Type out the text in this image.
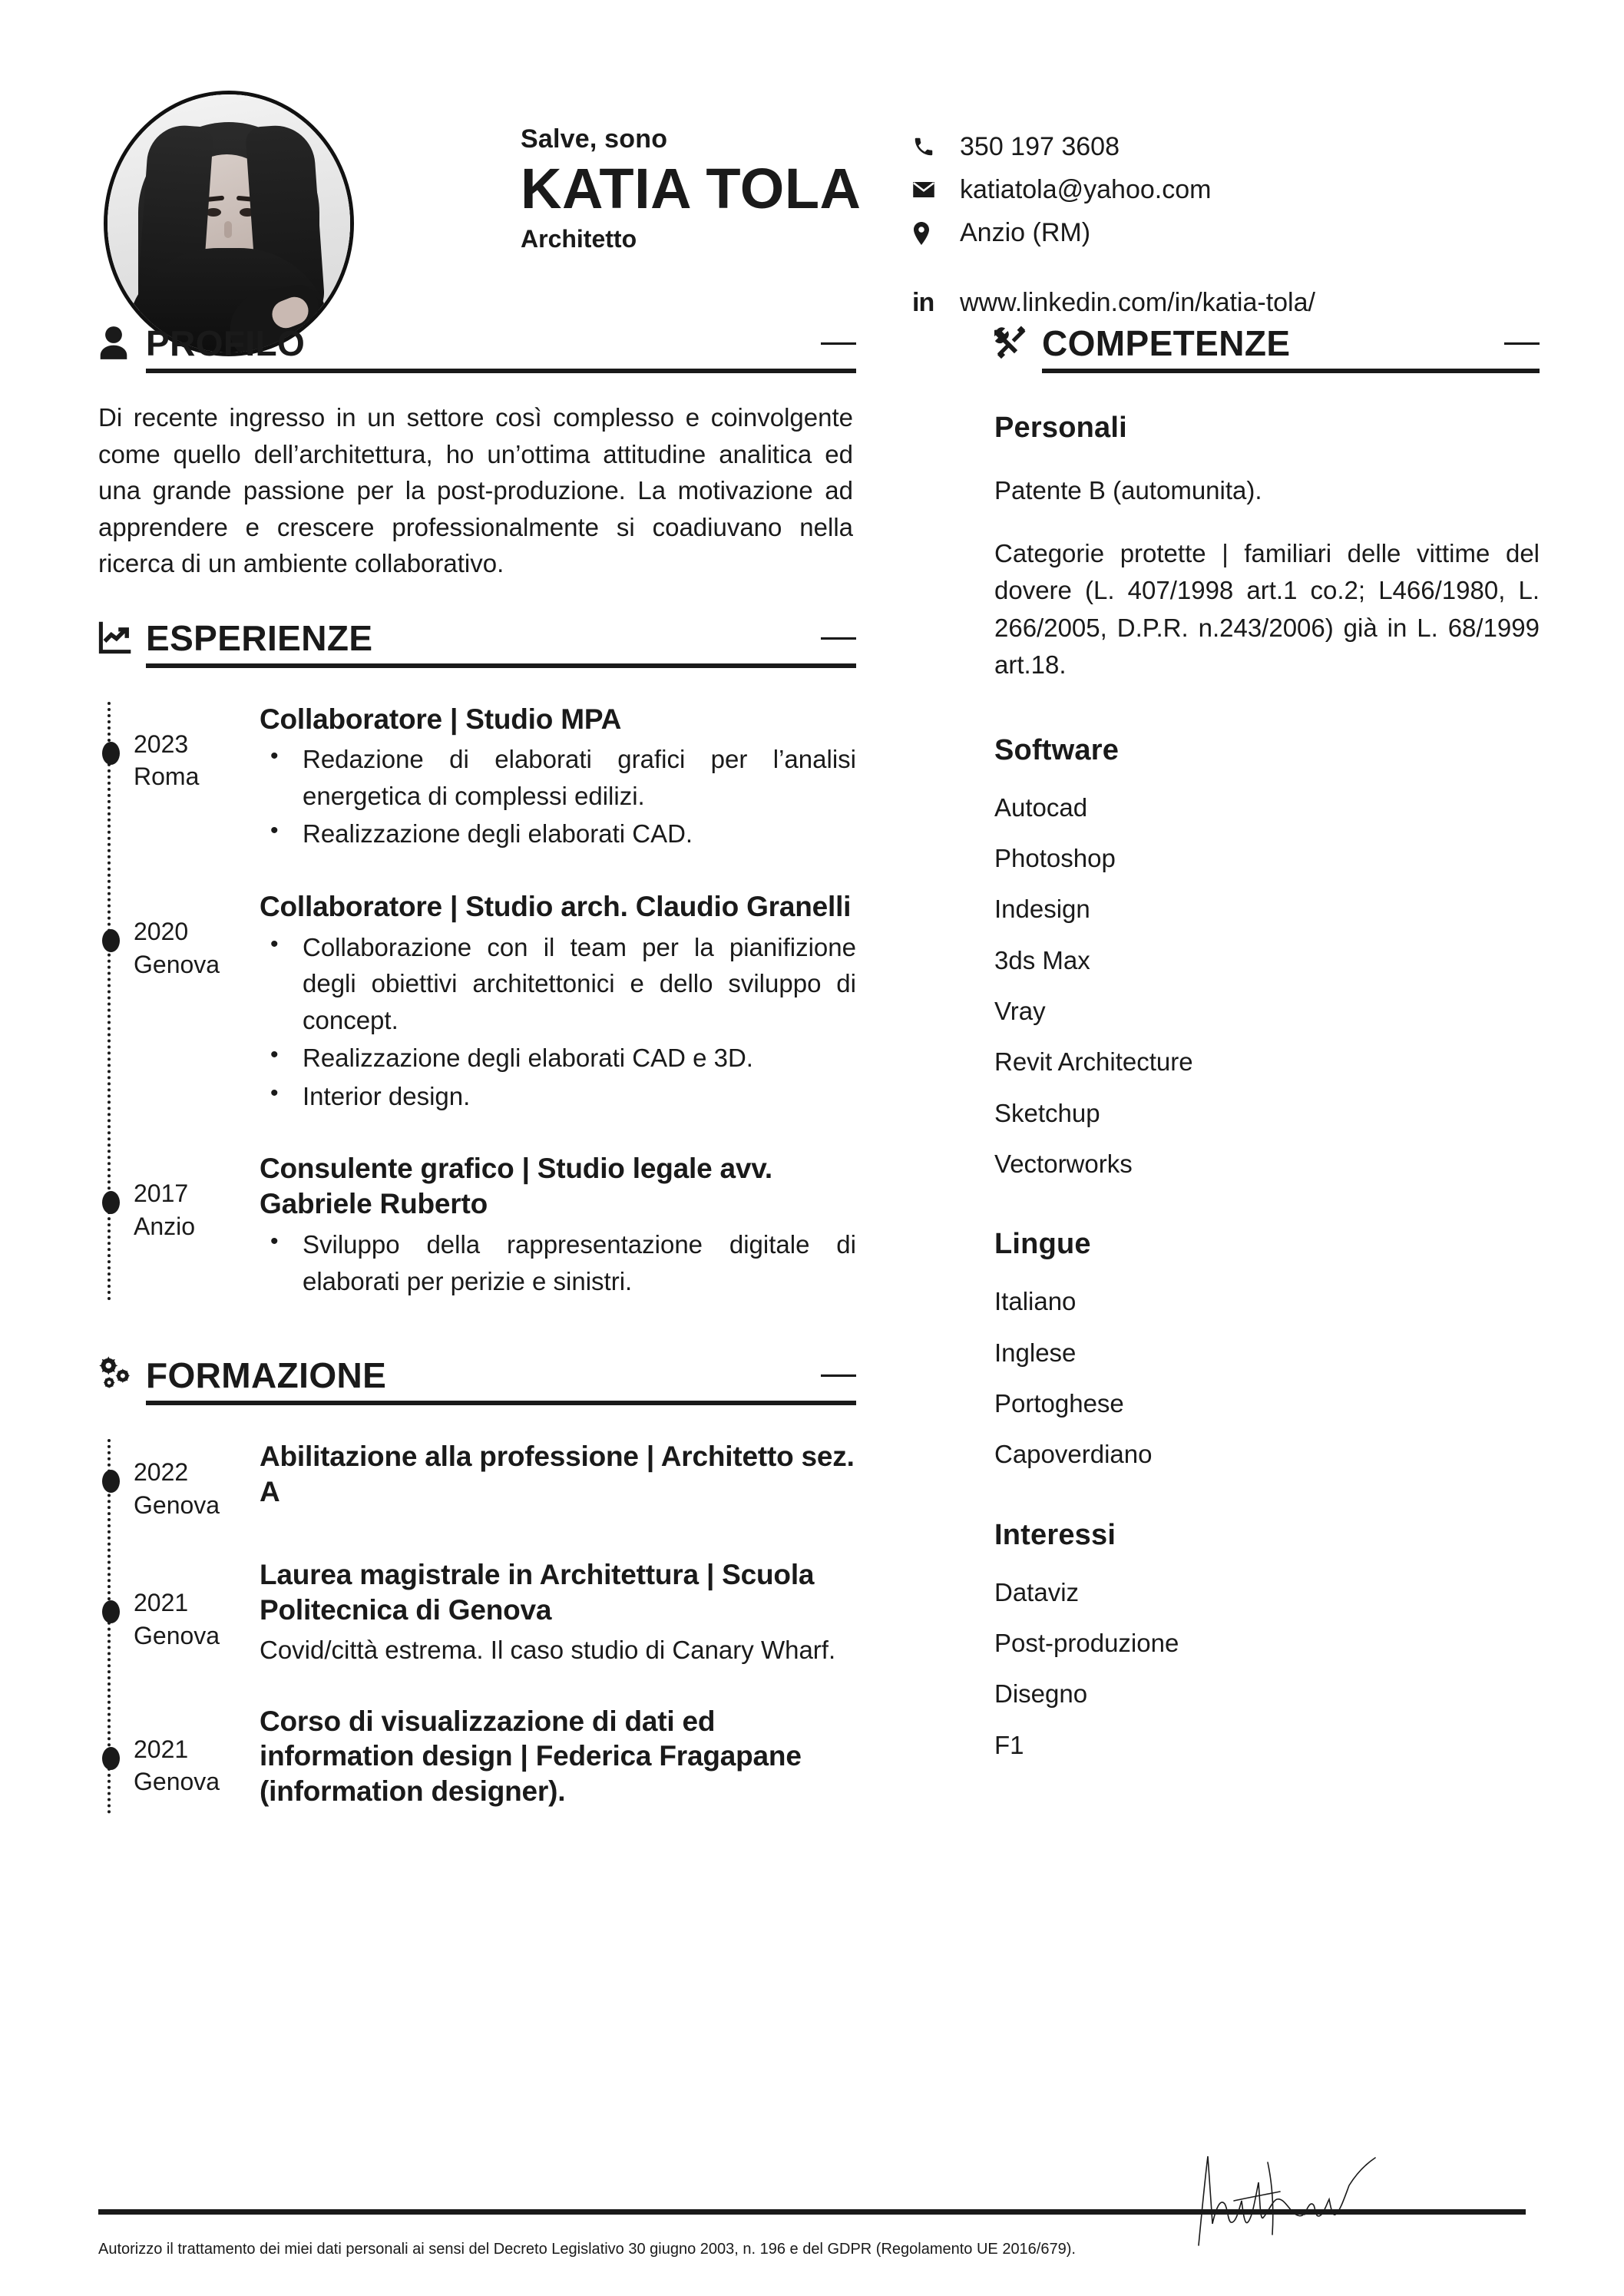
Salve, sono
KATIA TOLA
Architetto
350 197 3608
katiatola@yahoo.com
Anzio (RM)
in www.linkedin.com/in/katia-tola/
PROFILO	—
Di recente ingresso in un settore così complesso e coinvolgente come quello dell’architettura, ho un’ottima attitudine analitica ed una grande passione per la post-produzione. La motivazione ad apprendere e crescere professionalmente si coadiuvano nella ricerca di un ambiente collaborativo.
ESPERIENZE	—
2023
Roma
Collaboratore | Studio MPA
• Redazione di elaborati grafici per l’analisi energetica di complessi edilizi.
• Realizzazione degli elaborati CAD.
2020
Genova
Collaboratore | Studio arch. Claudio Granelli
• Collaborazione con il team per la pianifizione degli obiettivi architettonici e dello sviluppo di concept.
• Realizzazione degli elaborati CAD e 3D.
• Interior design.
2017
Anzio
Consulente grafico | Studio legale avv. Gabriele Ruberto
• Sviluppo della rappresentazione digitale di elaborati per perizie e sinistri.
FORMAZIONE	—
2022
Genova
Abilitazione alla professione | Architetto sez. A
2021
Genova
Laurea magistrale in Architettura | Scuola Politecnica di Genova
Covid/città estrema. Il caso studio di Canary Wharf.
2021
Genova
Corso di visualizzazione di dati ed information design | Federica Fragapane (information designer).
COMPETENZE	—
Personali
Patente B (automunita).
Categorie protette | familiari delle vittime del dovere (L. 407/1998 art.1 co.2; L466/1980, L. 266/2005, D.P.R. n.243/2006) già in L. 68/1999 art.18.
Software
Autocad
Photoshop
Indesign
3ds Max
Vray
Revit Architecture
Sketchup
Vectorworks
Lingue
Italiano
Inglese
Portoghese
Capoverdiano
Interessi
Dataviz
Post-produzione
Disegno
F1
Autorizzo il trattamento dei miei dati personali ai sensi del Decreto Legislativo 30 giugno 2003, n. 196 e del GDPR (Regolamento UE 2016/679).
